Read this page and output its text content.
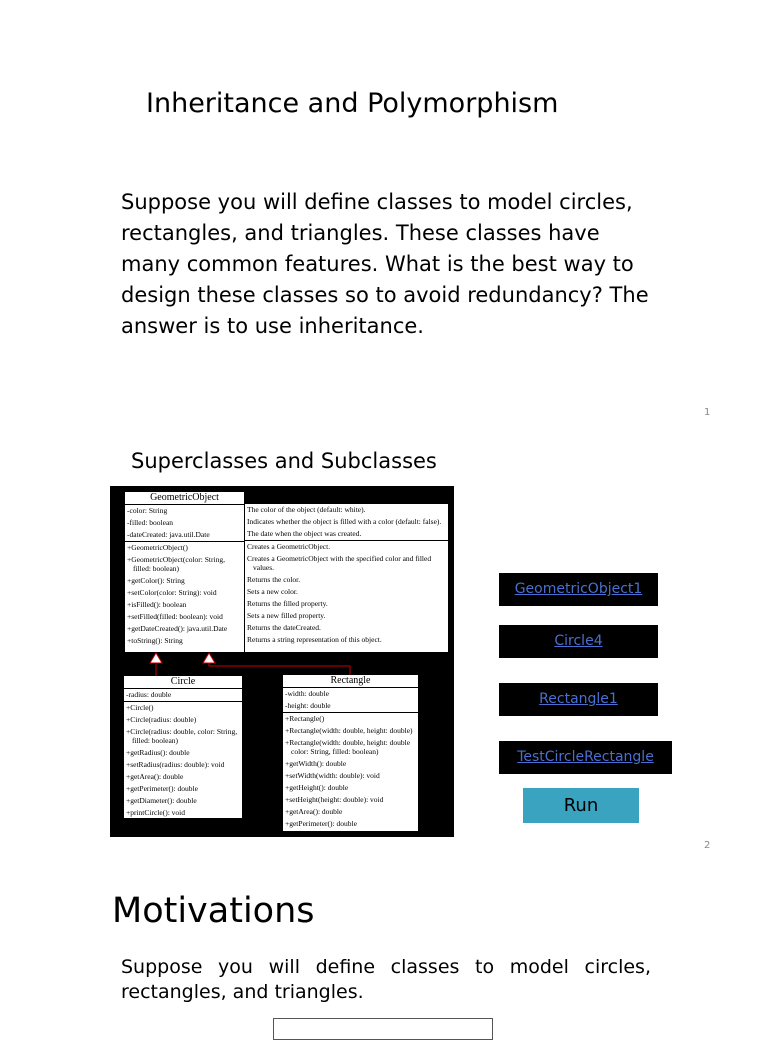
Inheritance and Polymorphism
Suppose you will define classes to model circles, rectangles, and triangles. These classes have many common features. What is the best way to design these classes so to avoid redundancy? The answer is to use inheritance.
1
Superclasses and Subclasses
GeometricObject
-color: String
-filled: boolean
-dateCreated: java.util.Date
+GeometricObject()
+GeometricObject(color: String, filled: boolean)
+getColor(): String
+setColor(color: String): void
+isFilled(): boolean
+setFilled(filled: boolean): void
+getDateCreated(): java.util.Date
+toString(): String
The color of the object (default: white).
Indicates whether the object is filled with a color (default: false).
The date when the object was created.
Creates a GeometricObject.
Creates a GeometricObject with the specified color and filled values.
Returns the color.
Sets a new color.
Returns the filled property.
Sets a new filled property.
Returns the dateCreated.
Returns a string representation of this object.
Circle
-radius: double
+Circle()
+Circle(radius: double)
+Circle(radius: double, color: String, filled: boolean)
+getRadius(): double
+setRadius(radius: double): void
+getArea(): double
+getPerimeter(): double
+getDiameter(): double
+printCircle(): void
Rectangle
-width: double
-height: double
+Rectangle()
+Rectangle(width: double, height: double)
+Rectangle(width: double, height: double color: String, filled: boolean)
+getWidth(): double
+setWidth(width: double): void
+getHeight(): double
+setHeight(height: double): void
+getArea(): double
+getPerimeter(): double
GeometricObject1
Circle4
Rectangle1
TestCircleRectangle
Run
2
Motivations
Suppose you will define classes to model circles, rectangles, and triangles.
